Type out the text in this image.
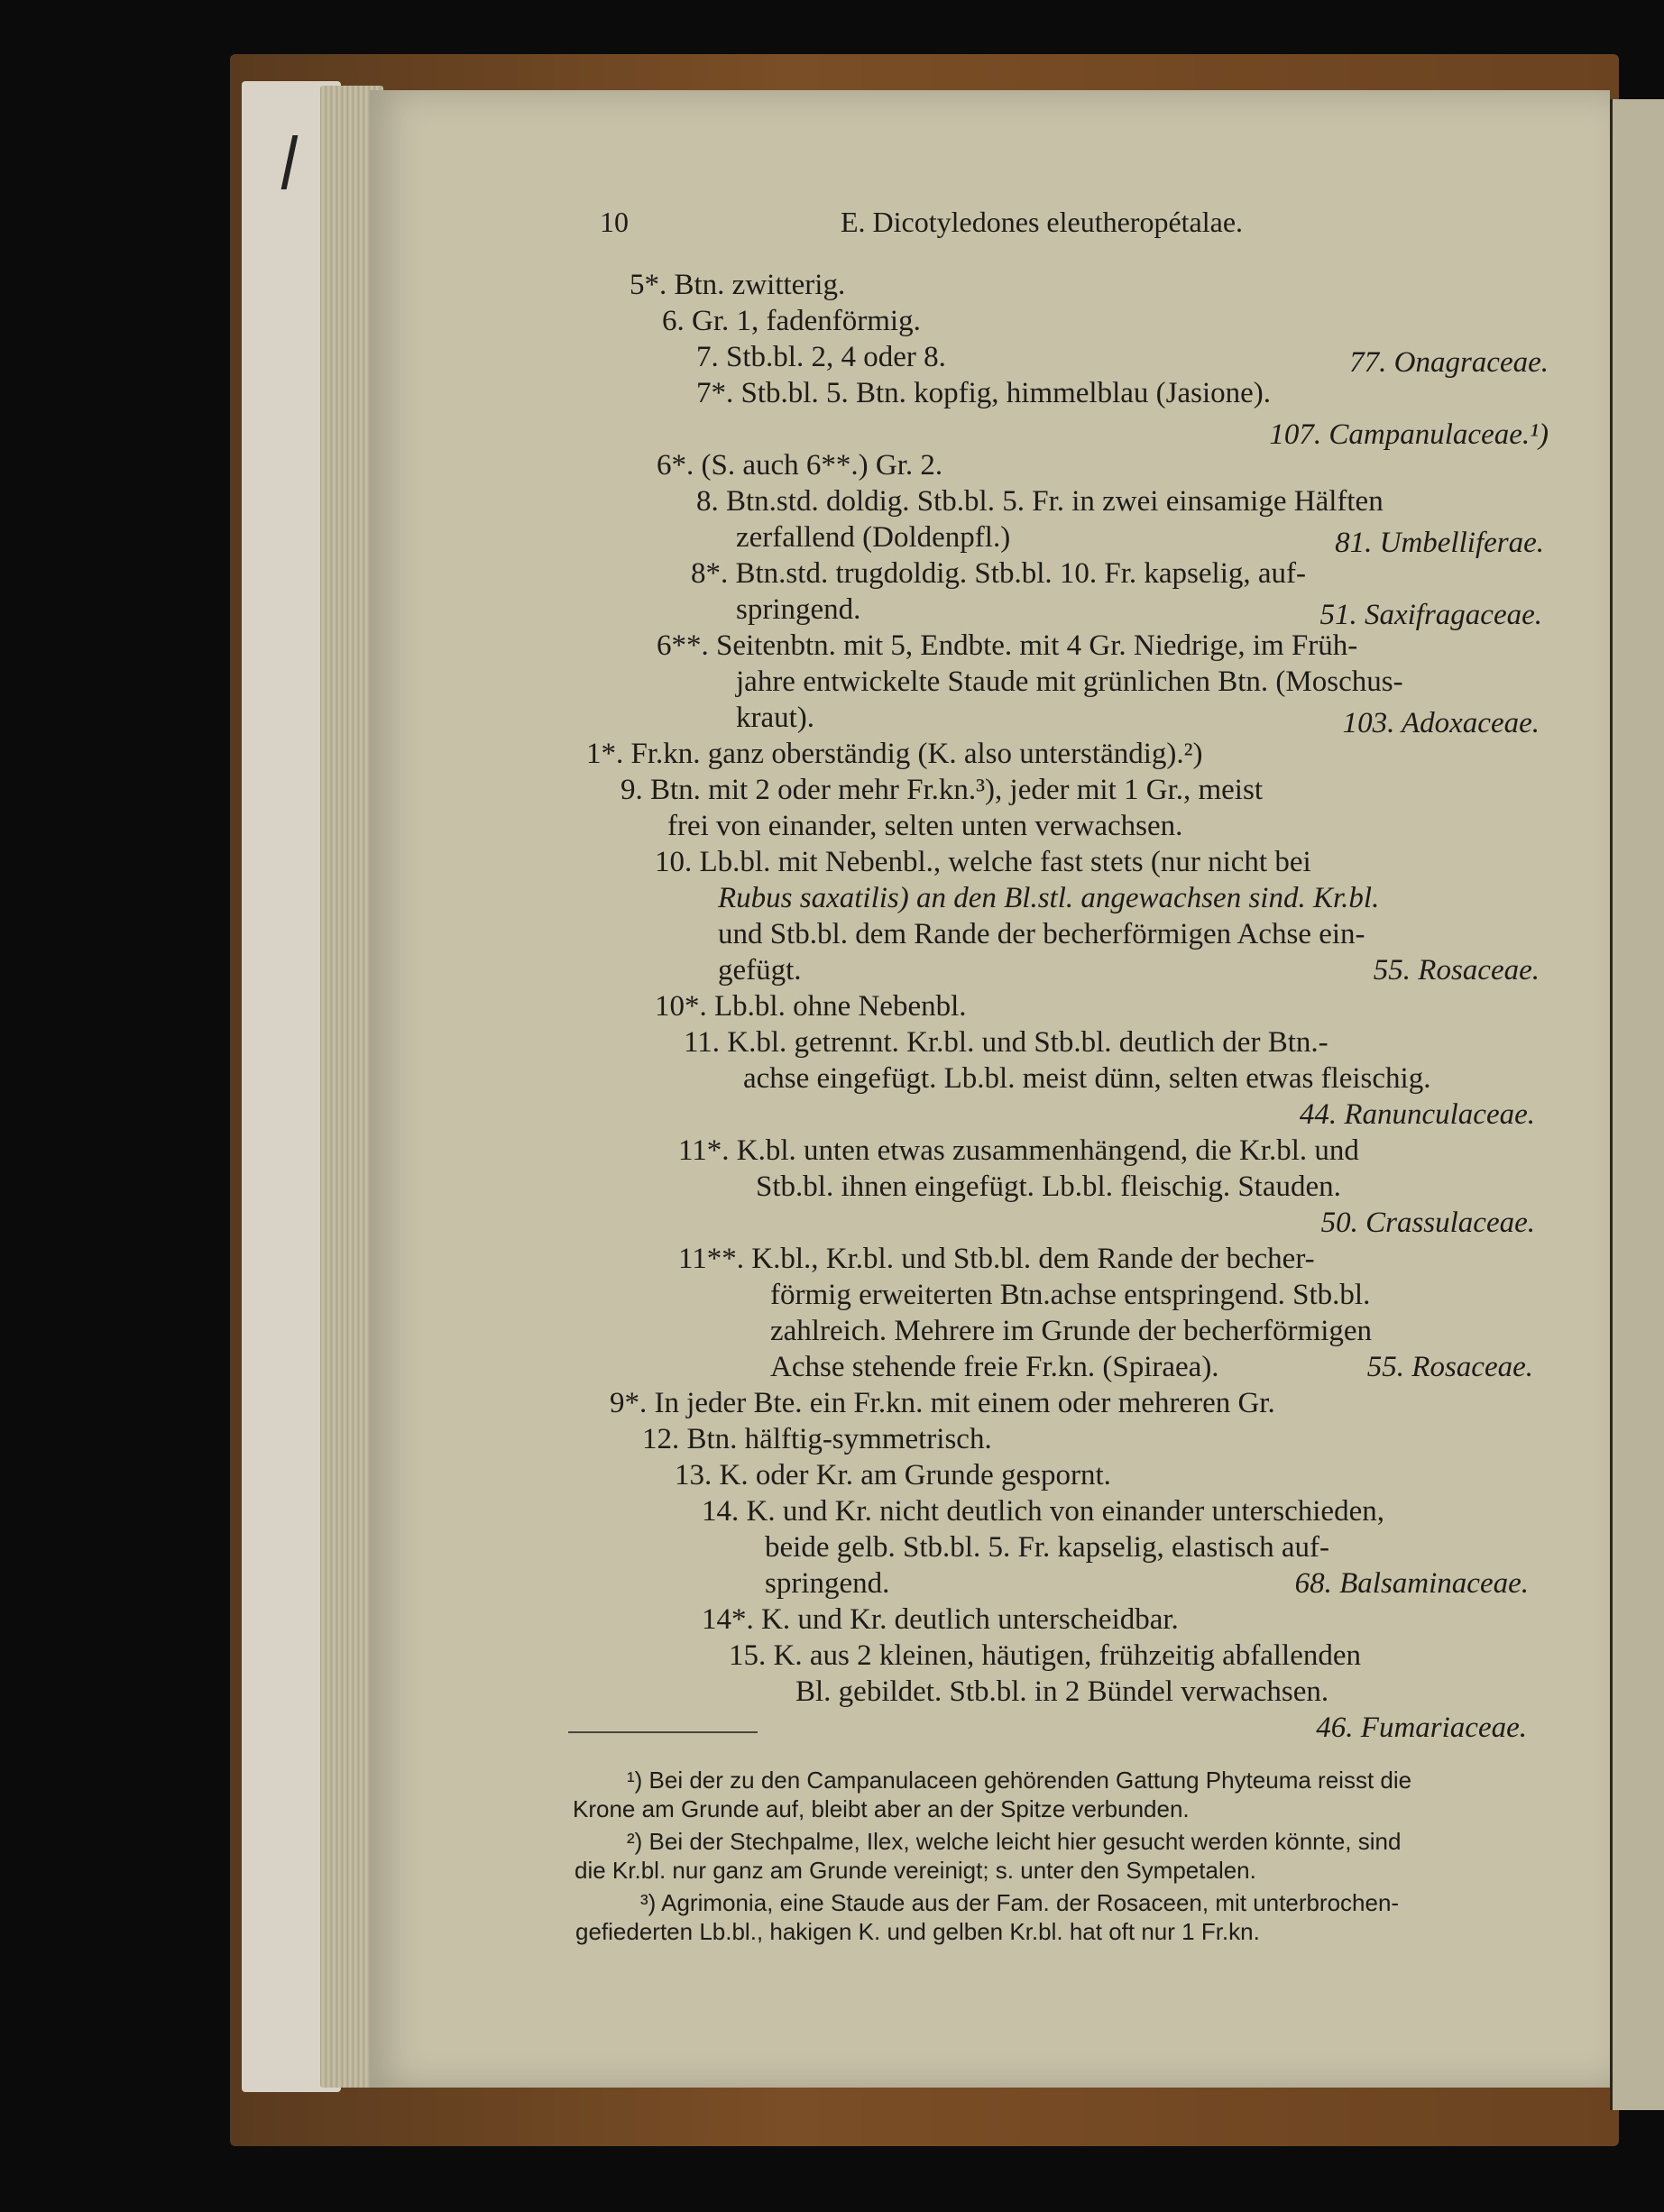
10	E. Dicotyledones eleutheropétalae.
5*. Btn. zwitterig.
6. Gr. 1, fadenförmig.
7. Stb.bl. 2, 4 oder 8.
7*. Stb.bl. 5. Btn. kopfig, himmelblau (Jasione).
6*. (S. auch 6**.) Gr. 2.
8. Btn.std. doldig. Stb.bl. 5. Fr. in zwei einsamige Hälften
zerfallend (Doldenpfl.)
8*. Btn.std. trugdoldig. Stb.bl. 10. Fr. kapselig, auf-
springend.
6**. Seitenbtn. mit 5, Endbte. mit 4 Gr. Niedrige, im Früh-
jahre entwickelte Staude mit grünlichen Btn. (Moschus-
kraut).
1*. Fr.kn. ganz oberständig (K. also unterständig).²)
9. Btn. mit 2 oder mehr Fr.kn.³), jeder mit 1 Gr., meist
frei von einander, selten unten verwachsen.
10. Lb.bl. mit Nebenbl., welche fast stets (nur nicht bei
Rubus saxatilis) an den Bl.stl. angewachsen sind. Kr.bl.
und Stb.bl. dem Rande der becherförmigen Achse ein-
gefügt.
10*. Lb.bl. ohne Nebenbl.
11. K.bl. getrennt. Kr.bl. und Stb.bl. deutlich der Btn.-
achse eingefügt. Lb.bl. meist dünn, selten etwas fleischig.
11*. K.bl. unten etwas zusammenhängend, die Kr.bl. und
Stb.bl. ihnen eingefügt. Lb.bl. fleischig. Stauden.
11**. K.bl., Kr.bl. und Stb.bl. dem Rande der becher-
förmig erweiterten Btn.achse entspringend. Stb.bl.
zahlreich. Mehrere im Grunde der becherförmigen
Achse stehende freie Fr.kn. (Spiraea).
9*. In jeder Bte. ein Fr.kn. mit einem oder mehreren Gr.
12. Btn. hälftig-symmetrisch.
13. K. oder Kr. am Grunde gespornt.
14. K. und Kr. nicht deutlich von einander unterschieden,
beide gelb. Stb.bl. 5. Fr. kapselig, elastisch auf-
springend.
14*. K. und Kr. deutlich unterscheidbar.
15. K. aus 2 kleinen, häutigen, frühzeitig abfallenden
Bl. gebildet. Stb.bl. in 2 Bündel verwachsen.
77. Onagraceae.
107. Campanulaceae.¹)
81. Umbelliferae.
51. Saxifragaceae.
103. Adoxaceae.
55. Rosaceae.
44. Ranunculaceae.
50. Crassulaceae.
55. Rosaceae.
68. Balsaminaceae.
46. Fumariaceae.
¹) Bei der zu den Campanulaceen gehörenden Gattung Phyteuma reisst die
Krone am Grunde auf, bleibt aber an der Spitze verbunden.
²) Bei der Stechpalme, Ilex, welche leicht hier gesucht werden könnte, sind
die Kr.bl. nur ganz am Grunde vereinigt; s. unter den Sympetalen.
³) Agrimonia, eine Staude aus der Fam. der Rosaceen, mit unterbrochen-
gefiederten Lb.bl., hakigen K. und gelben Kr.bl. hat oft nur 1 Fr.kn.
